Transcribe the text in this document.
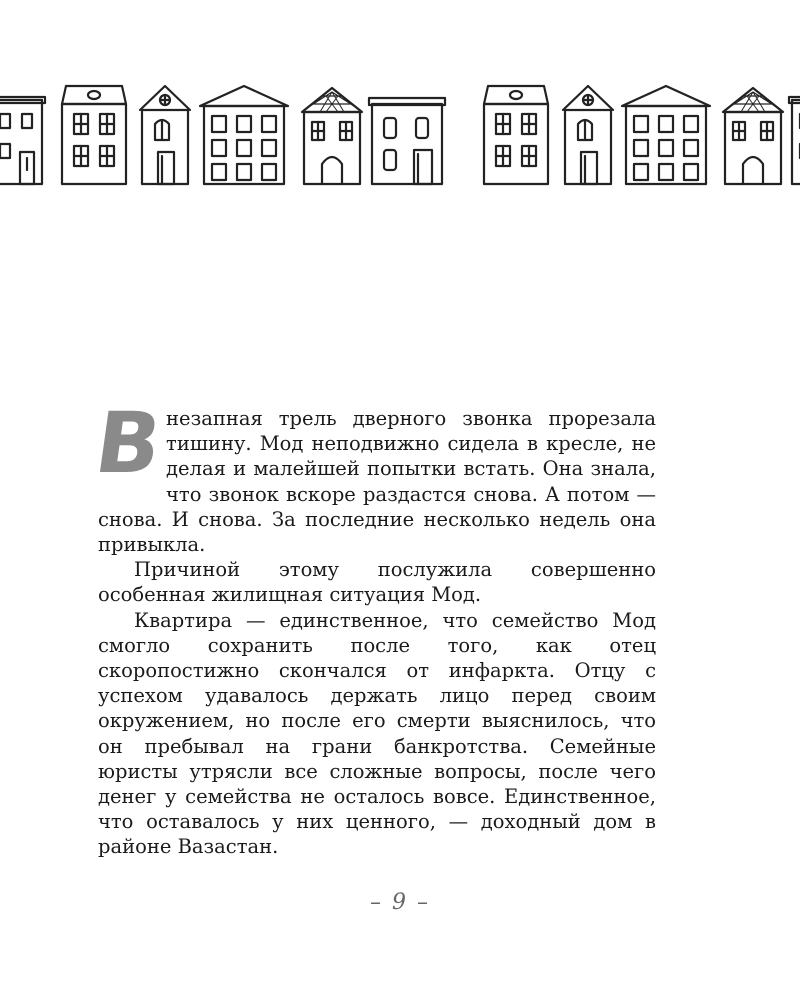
В
незапная трель дверного звонка прорезала тишину. Мод неподвижно сидела в кресле, не делая и малейшей попытки встать. Она знала, что звонок вскоре раздастся снова. А потом — снова. И снова. За последние несколько недель она привыкла.

Причиной этому послужила совершенно особенная жилищная ситуация Мод.

Квартира — единственное, что семейство Мод смогло сохранить после того, как отец скоропостижно скончался от инфаркта. Отцу с успехом удавалось держать лицо перед своим окружением, но после его смерти выяснилось, что он пребывал на грани банкротства. Семейные юристы утрясли все сложные вопросы, после чего денег у семейства не осталось вовсе. Единственное, что оставалось у них ценного, — доходный дом в районе Вазастан.

– 9 –
